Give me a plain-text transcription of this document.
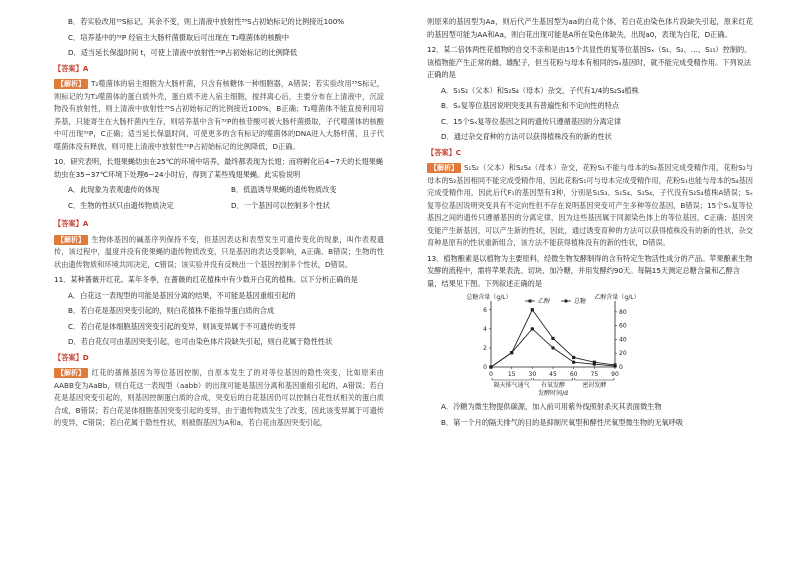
B．若实验改用³⁵S标记，其余不变，则上清液中放射性³⁵S占初始标记的比例接近100%
C．培养基中的³²P 经宿主大肠杆菌摄取后可出现在 T₂噬菌体的核酸中
D．适当延长保温时间 t，可使上清液中放射性³²P占初始标记的比例降低
【答案】A
【解析】 T₂噬菌体的宿主细胞为大肠杆菌，只含有核糖体一种细胞器，A错误；若实验改用³⁵S标记，则标记的为T₂噬菌体的蛋白质外壳，蛋白质不进入宿主细胞，搅拌离心后，主要分布在上清液中，沉淀物没有放射性，则上清液中放射性³⁵S占初始标记的比例接近100%，B正确；T₂噬菌体不能直接利用培养基，只能寄生在大肠杆菌内生存，则培养基中含有³²P的核苷酸可被大肠杆菌摄取，子代噬菌体的核酸中可出现³²P，C正确；适当延长保温时间，可使更多的含有标记的噬菌体的DNA进入大肠杆菌，且子代噬菌体没有释放，则可使上清液中放射性³²P占初始标记的比例降低，D正确。
10．研究表明，长翅果蝇幼虫在25℃的环境中培养，最终都表现为长翅；而将孵化后4~7天的长翅果蝇幼虫在35~37℃环境下处理6~24小时后，得到了某些残翅果蝇。此实验说明
A．此现象为表观遗传的体现	B．低温诱导果蝇的遗传物质改变
C．生物的性状只由遗传物质决定	D．一个基因可以控制多个性状
【答案】A
【解析】 生物体基因的碱基序列保持不变，但基因表达和表型发生可遗传变化的现象，叫作表观遗传，该过程中，温度并没有使果蝇的遗传物质改变，只是基因的表达受影响，A正确、B错误；生物的性状由遗传物质和环境共同决定，C错误；该实验并没有反映出一个基因控制多个性状，D错误。
11．某种蔷薇开红花。某年冬季，在蔷薇的红花植株中有少数开白花的植株。以下分析正确的是
A．白花这一表现型的可能是基因分离的结果，不可能是基因重组引起的
B．若白花是基因突变引起的，则白花植株不能指导蛋白质的合成
C．若白花是体细胞基因突变引起的变异，则该变异属于不可遗传的变异
D．若白花仅可由基因突变引起，也可由染色体片段缺失引起，则白花属于隐性性状
【答案】D
【解析】 红花的蔷薇基因为等位基因控制，自原本发生了的对等位基因的隐性突变，比如原来由AABB变为AaBb，则白花这一表现型（aabb）的出现可能是基因分离和基因重组引起的，A错误；若白花是基因突变引起的，则基因控制蛋白质的合成，突变后的白花基因仍可以控制白花性状相关的蛋白质合成，B错误；若白花是体细胞基因突变引起的变异，由于遗传物质发生了改变，因此该变异属于可遗传的变异，C错误；若白花属于隐性性状，则被假基因为A和a，若白花由基因突变引起，
则原来的基因型为Aa，则后代产生基因型为aa的白花个体，若白花由染色体片段缺失引起，原来红花的基因型可能为AA和Aa，则白花出现可能是A所在染色体缺失，出现a0，表现为白花，D正确。
12．某二倍体两性花植物的自交不亲和是由15个共显性的复等位基因Sₓ（S₁、S₂、…、S₁₅）控制的。该植物能产生正常的雌、雄配子，但当花粉与母本有相同的Sₓ基因时，就不能完成受精作用。下列说法正确的是
A．S₁S₂（父本）和S₂S₄（母本）杂交，子代有1/4的S₂S₄植株
B．Sₓ复等位基因说明突变具有普遍性和不定向性的特点
C．15个Sₓ复等位基因之间的遗传只遵循基因的分离定律
D．通过杂交育种的方法可以获得植株没有的新的性状
【答案】C
【解析】 S₁S₂（父本）和S₂S₄（母本）杂交，花粉S₁不能与母本的S₂基因完成受精作用，花粉S₂与母本的S₂基因相同不能完成受精作用，因此花粉S₁可与母本完成受精作用，花粉S₁也能与母本的S₄基因完成受精作用，因此后代F₁的基因型有3种，分别是S₁S₃、S₁S₄、S₂S₄，子代没有S₂S₄植株A错误；Sₓ复等位基因说明突变具有不定向性但不存在说明基因突变可产生多种等位基因，B错误；15个Sₓ复等位基因之间的遗传只遵循基因的分离定律，因为这些基因属于同源染色体上的等位基因，C正确；基因突变能产生新基因，可以产生新的性状，因此，通过诱变育种的方法可以获得植株没有的新的性状，杂交育种是原有的性状重新组合，该方法不能获得植株没有的新的性状，D错误。
13．植物酿素是以植物为主要原料，经微生物发酵制得的含有特定生物活性成分的产品。苹果酿素生物发酵的流程中，需将苹果表洗、切块、加冷糖，并用发酵约90天。每隔15天测定总糖含量和乙醇含量，结果见下图。下列叙述正确的是
总糖含量（g/L）	乙醇含量（g/L）
0
2
4
6
0
20
40
60
80
0 15 30 45 60 75 90
隔天排气通气 有氧发酵	密封发酵
发酵时间/d
乙醇	总糖
A．冷糖为微生物提供碳源，加入前可用紫外线照射杀灭其表面微生物
B．第一个月的隔天排气的目的是抑制厌氧型和酵性厌氧型微生物的无氧呼吸
